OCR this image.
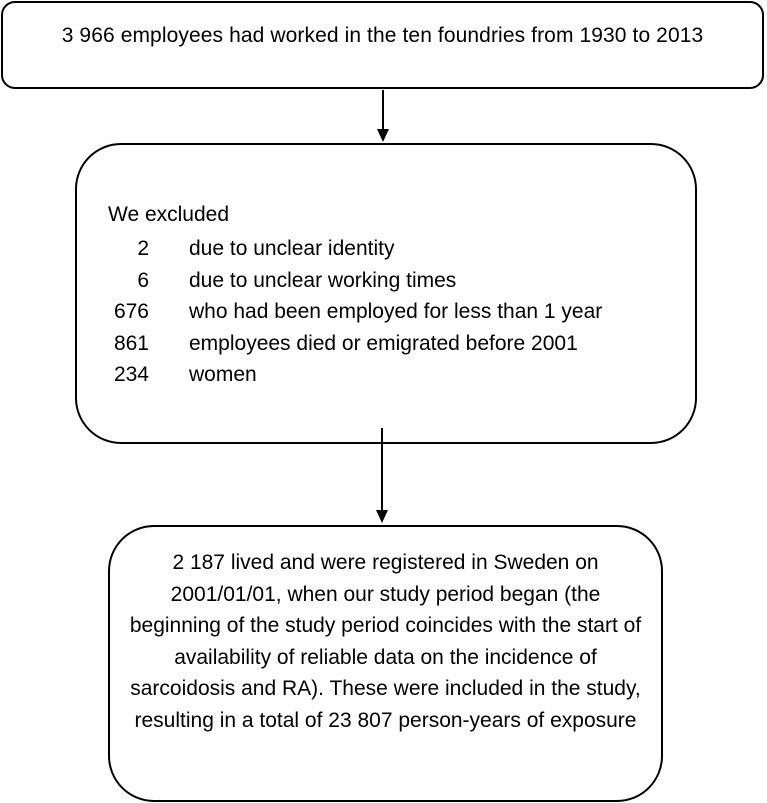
3 966 employees had worked in the ten foundries from 1930 to 2013
We excluded
2	due to unclear identity
6	due to unclear working times
676	who had been employed for less than 1 year
861	employees died or emigrated before 2001
234	women
2 187 lived and were registered in Sweden on 2001/01/01, when our study period began (the beginning of the study period coincides with the start of availability of reliable data on the incidence of sarcoidosis and RA). These were included in the study, resulting in a total of 23 807 person-years of exposure
